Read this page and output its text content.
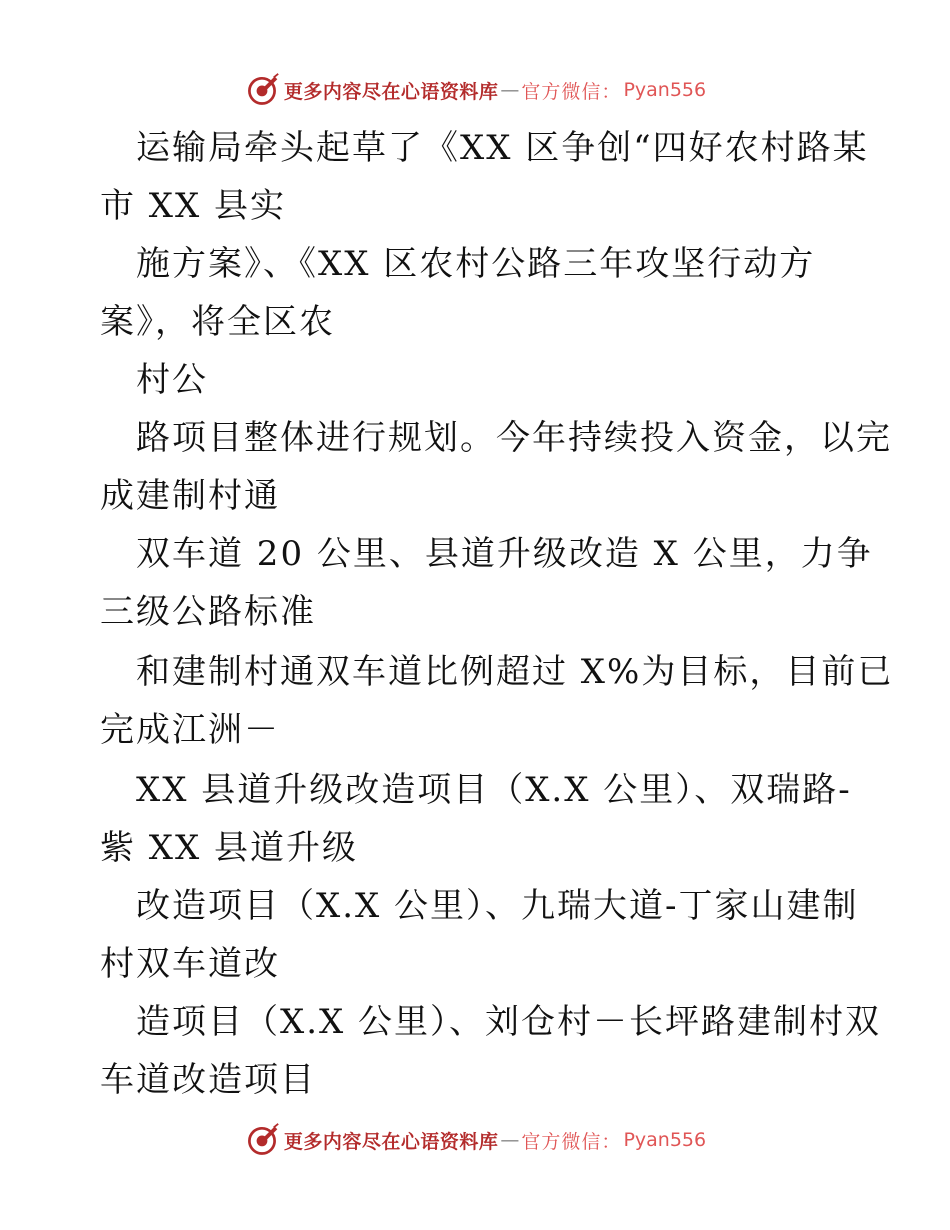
更多内容尽在心语资料库 — 官方微信： Pyan556
运输局牵头起草了《XX 区争创“四好农村路某
市 XX 县实
施方案》、《XX 区农村公路三年攻坚行动方
案》，将全区农
村公
路项目整体进行规划。今年持续投入资金，以完
成建制村通
双车道 20 公里、县道升级改造 X 公里，力争
三级公路标准
和建制村通双车道比例超过 X%为目标，目前已
完成江洲－
XX 县道升级改造项目（X.X 公里）、双瑞路-
紫 XX 县道升级
改造项目（X.X 公里）、九瑞大道-丁家山建制
村双车道改
造项目（X.X 公里）、刘仓村－长坪路建制村双
车道改造项目
更多内容尽在心语资料库 — 官方微信： Pyan556
